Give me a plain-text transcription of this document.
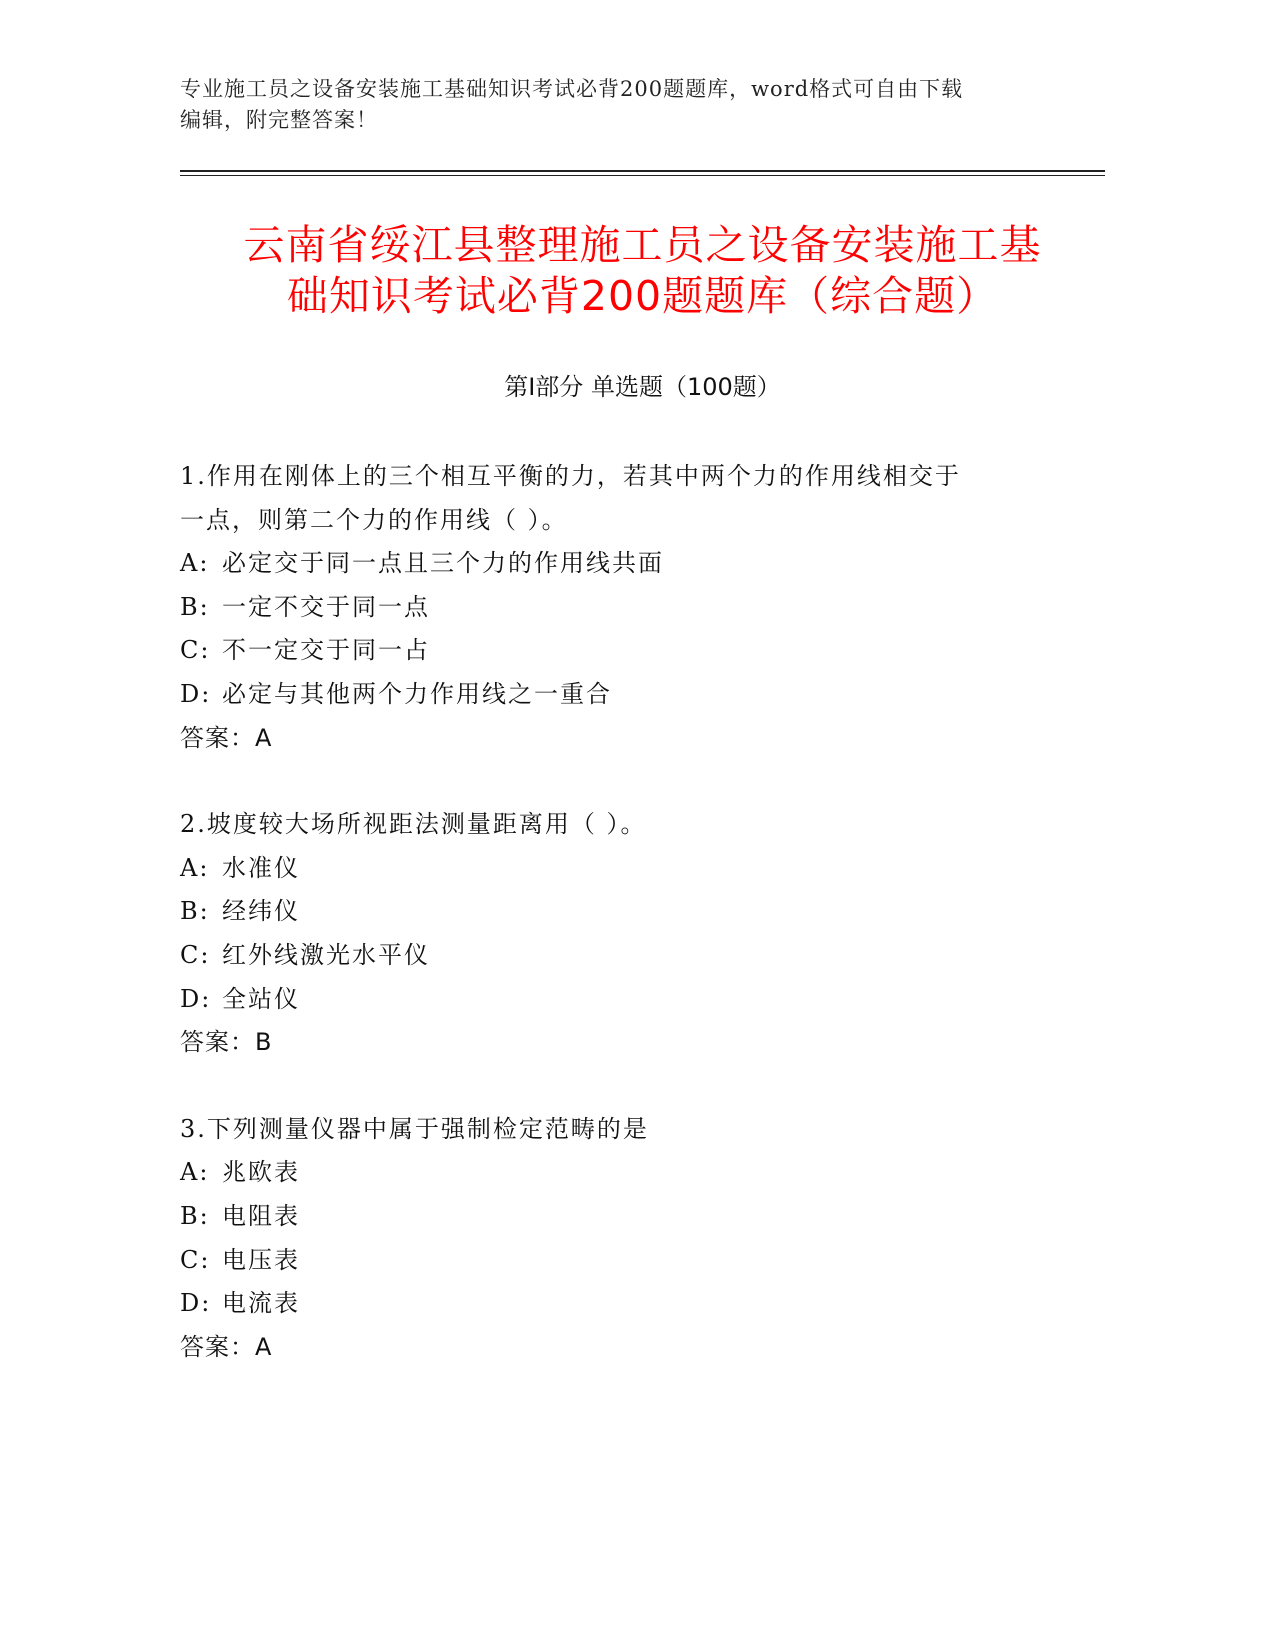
专业施工员之设备安装施工基础知识考试必背200题题库，word格式可自由下载
编辑，附完整答案！
云南省绥江县整理施工员之设备安装施工基
础知识考试必背200题题库（综合题）
第Ⅰ部分 单选题（100题）
1.作用在刚体上的三个相互平衡的力，若其中两个力的作用线相交于
一点，则第二个力的作用线（ ）。
A: 必定交于同一点且三个力的作用线共面
B: 一定不交于同一点
C: 不一定交于同一占
D: 必定与其他两个力作用线之一重合
答案：A
2.坡度较大场所视距法测量距离用（ ）。
A: 水准仪
B: 经纬仪
C: 红外线激光水平仪
D: 全站仪
答案：B
3.下列测量仪器中属于强制检定范畴的是
A: 兆欧表
B: 电阻表
C: 电压表
D: 电流表
答案：A
